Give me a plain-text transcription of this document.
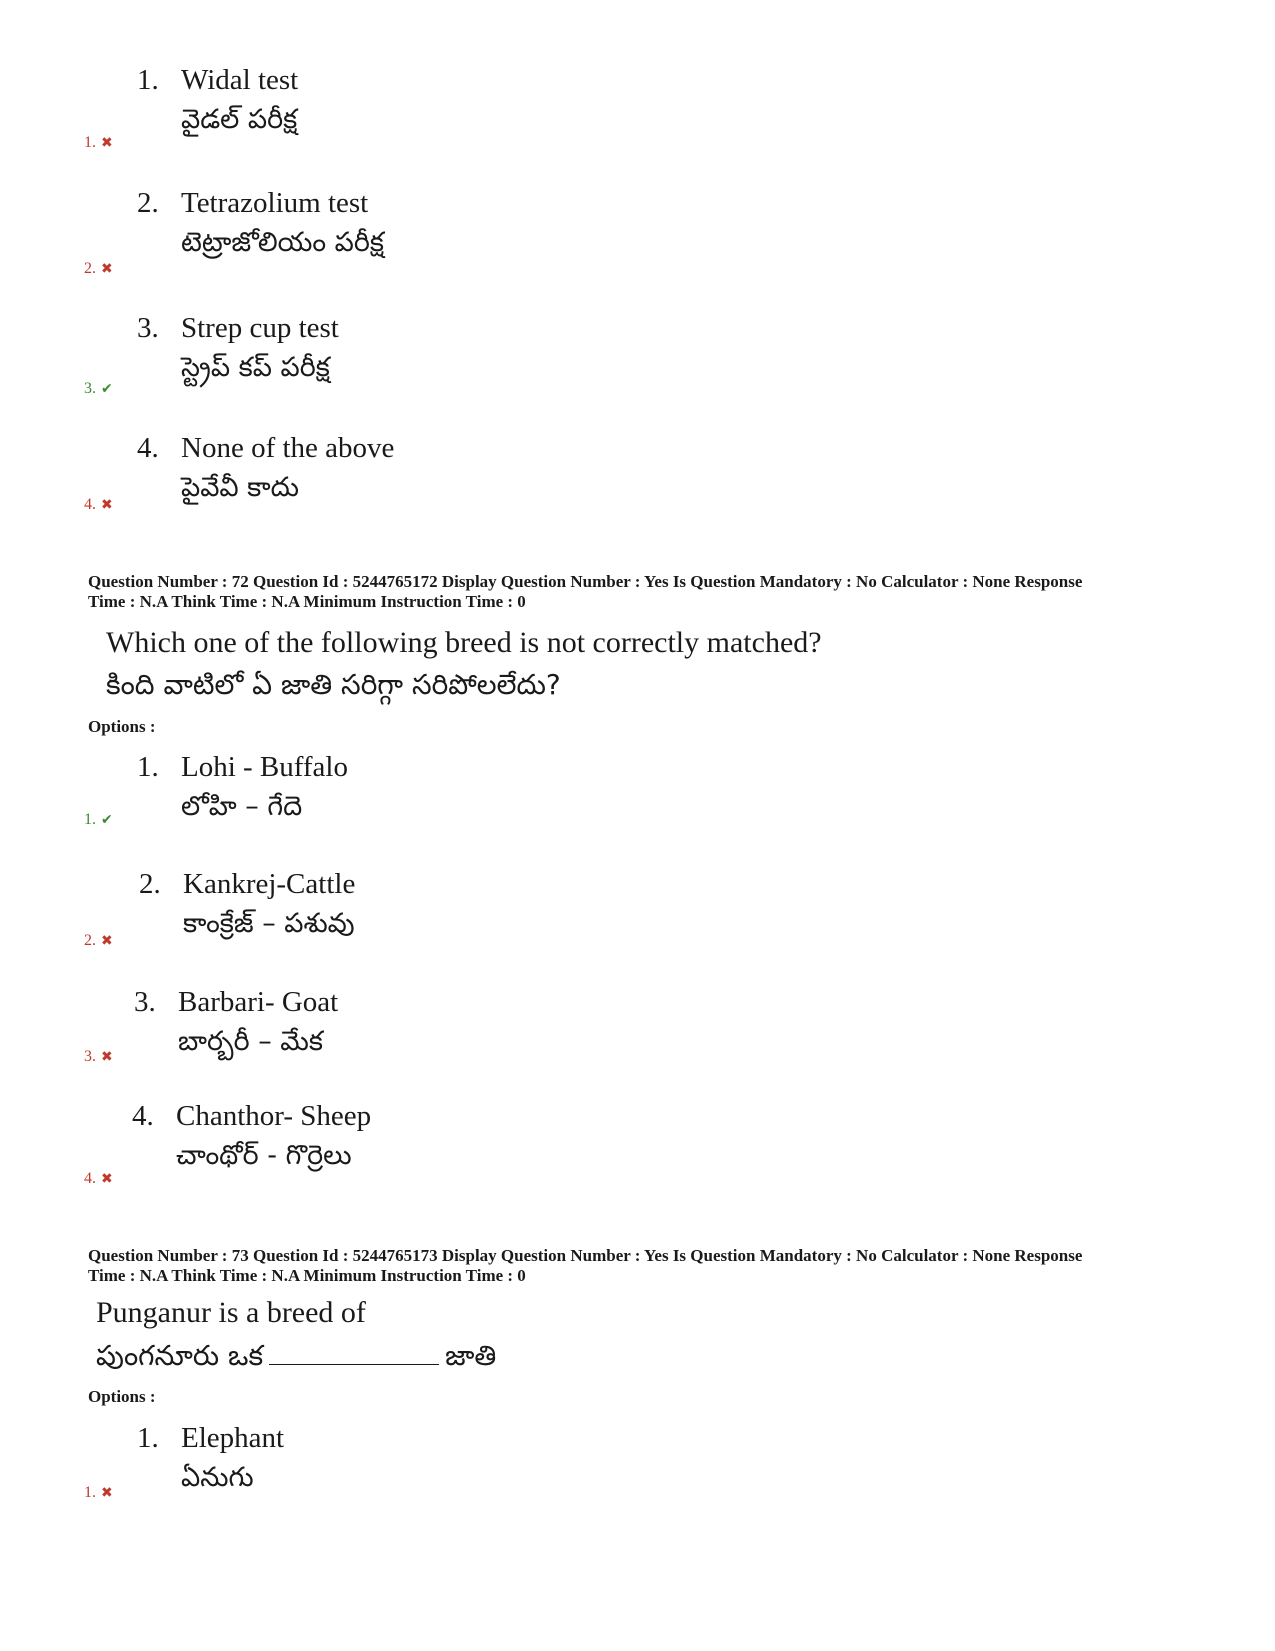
1. Widal test
వైడల్ పరీక్ష
1. ✖
2. Tetrazolium test
టెట్రాజోలియం పరీక్ష
2. ✖
3. Strep cup test
స్ట్రెప్ కప్ పరీక్ష
3. ✔
4. None of the above
పైవేవీ కాదు
4. ✖
Question Number : 72 Question Id : 5244765172 Display Question Number : Yes Is Question Mandatory : No Calculator : None Response
Time : N.A Think Time : N.A Minimum Instruction Time : 0
Which one of the following breed is not correctly matched?
కింది వాటిలో ఏ జాతి సరిగ్గా సరిపోలలేదు?
Options :
1. Lohi - Buffalo
లోహి – గేదె
1. ✔
2. Kankrej-Cattle
కాంక్రేజ్ – పశువు
2. ✖
3. Barbari- Goat
బార్బరీ – మేక
3. ✖
4. Chanthor- Sheep
చాంథోర్ - గొర్రెలు
4. ✖
Question Number : 73 Question Id : 5244765173 Display Question Number : Yes Is Question Mandatory : No Calculator : None Response
Time : N.A Think Time : N.A Minimum Instruction Time : 0
Punganur is a breed of
పుంగనూరు ఒక	జాతి
Options :
1. Elephant
ఏనుగు
1. ✖
